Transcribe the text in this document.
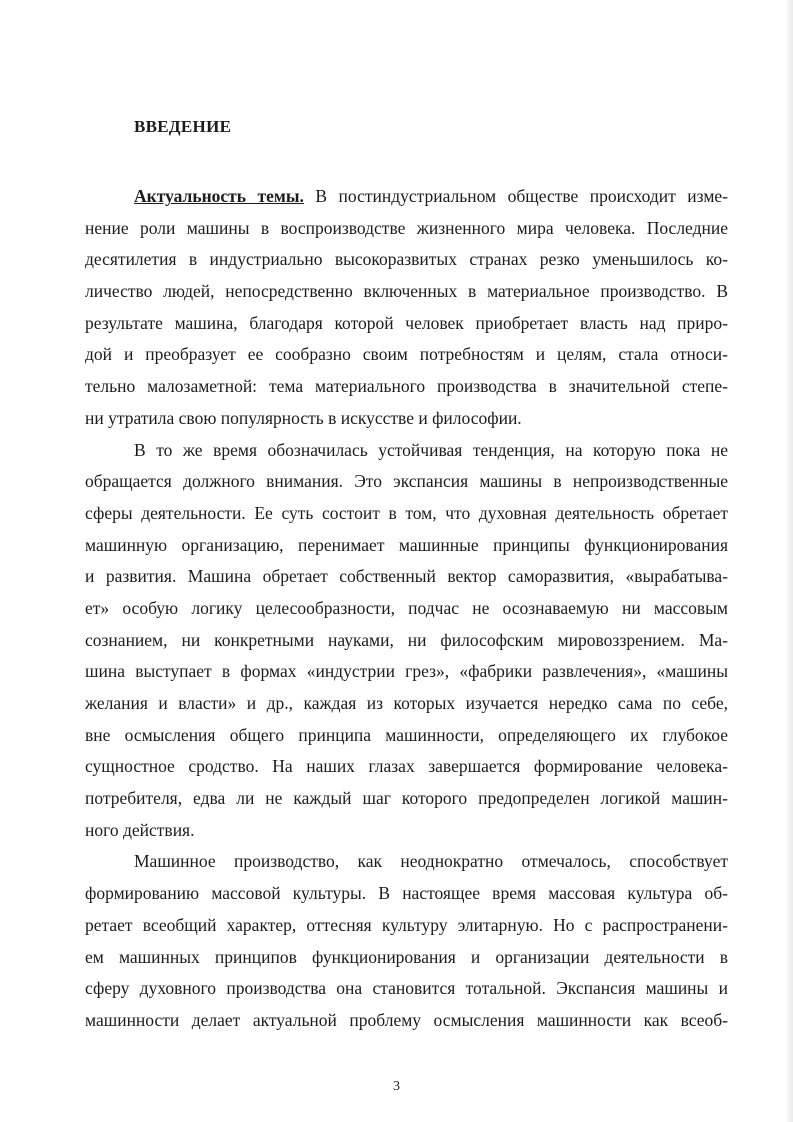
ВВЕДЕНИЕ
Актуальность темы. В постиндустриальном обществе происходит изме-
нение роли машины в воспроизводстве жизненного мира человека. Последние
десятилетия в индустриально высокоразвитых странах резко уменьшилось ко-
личество людей, непосредственно включенных в материальное производство. В
результате машина, благодаря которой человек приобретает власть над приро-
дой и преобразует ее сообразно своим потребностям и целям, стала относи-
тельно малозаметной: тема материального производства в значительной степе-
ни утратила свою популярность в искусстве и философии.
В то же время обозначилась устойчивая тенденция, на которую пока не
обращается должного внимания. Это экспансия машины в непроизводственные
сферы деятельности. Ее суть состоит в том, что духовная деятельность обретает
машинную организацию, перенимает машинные принципы функционирования
и развития. Машина обретает собственный вектор саморазвития, «вырабатыва-
ет» особую логику целесообразности, подчас не осознаваемую ни массовым
сознанием, ни конкретными науками, ни философским мировоззрением. Ма-
шина выступает в формах «индустрии грез», «фабрики развлечения», «машины
желания и власти» и др., каждая из которых изучается нередко сама по себе,
вне осмысления общего принципа машинности, определяющего их глубокое
сущностное сродство. На наших глазах завершается формирование человека-
потребителя, едва ли не каждый шаг которого предопределен логикой машин-
ного действия.
Машинное производство, как неоднократно отмечалось, способствует
формированию массовой культуры. В настоящее время массовая культура об-
ретает всеобщий характер, оттесняя культуру элитарную. Но с распространени-
ем машинных принципов функционирования и организации деятельности в
сферу духовного производства она становится тотальной. Экспансия машины и
машинности делает актуальной проблему осмысления машинности как всеоб-
3
